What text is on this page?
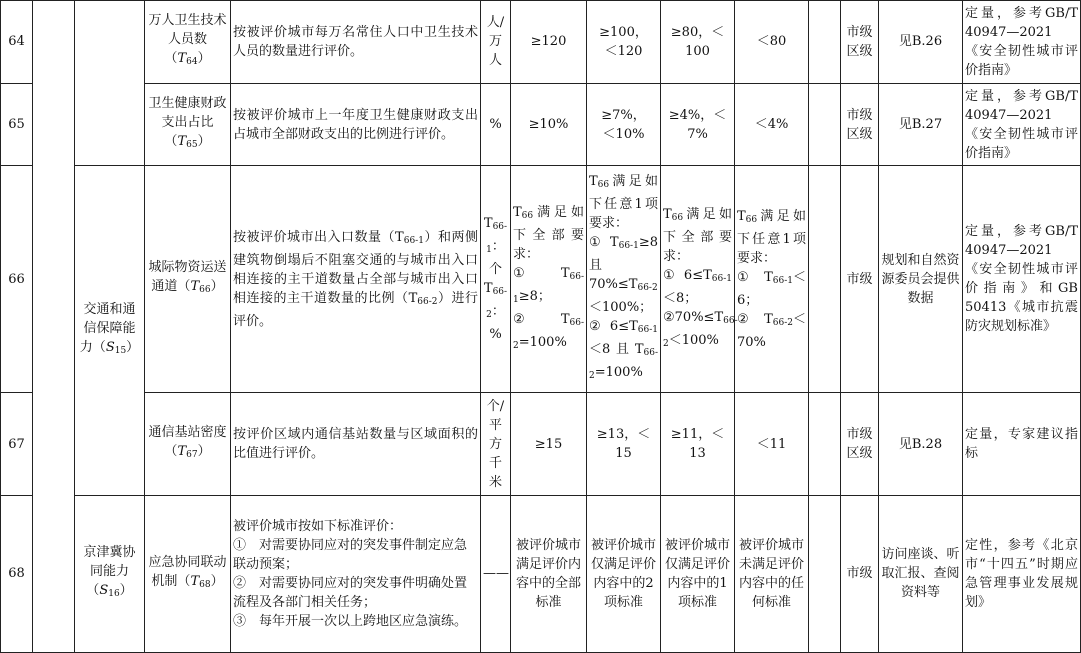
64			万人卫生技术
人员数$(T_{64})$	按被评价城市每万名常住人口中卫生技术人员的数量进行评价。	人/万人	≥120	≥100，
＜120	≥80，＜100	＜80		市级区级	见B.26	定量，参考GB/T 40947—2021《安全韧性城市评价指南》
65			卫生健康财政
支出占比
$(T_{65})$	按被评价城市上一年度卫生健康财政支出占城市全部财政支出的比例进行评价。	%	≥10%	≥7%，
＜10%	≥4%，＜7%	＜4%		市级区级	见B.27	定量，参考GB/T 40947—2021《安全韧性城市评价指南》
66		交通和通
信保障能
力$(S_{15})$	城际物资运送
通道$(T_{66})$	按被评价城市出入口数量$(T_{66-1})$和两侧建筑物倒塌后不阻塞交通的与城市出入口相连接的主干道数量占全部与城市出入口相连接的主干道数量的比例$(T_{66-2})$进行评价。	$T_{66-1}$：个
$T_{66-2}$：%	$T_{66}$满足如下全部要求：
$①T_{66-1}\ge 8$；
$②T_{66-2}=100\%$	$T_{66}$满足如下任意1项要求：
$①T_{66-1}\ge 8$且$70\%\le T_{66-2}<100\%$；
$②6\le T_{66-1}<8$且$T_{66-2}=100\%$	$T_{66}$满足如下全部要求：
$①6\le T_{66-1}<8$；
$②70\%\le T_{66-2}<100\%$	$T_{66}$满足如下任意1项要求：
$①T_{66-1}<6$；
$②T_{66-2}<70\%$		市级	规划和自然资源委员会提供数据	定量，参考GB/T 40947—2021《安全韧性城市评价指南》和GB 50413《城市抗震防灾规划标准》
67			通信基站密度
$(T_{67})$	按评价区域内通信基站数量与区域面积的比值进行评价。	个/平方千米	≥15	≥13，＜15	≥11，＜13	＜11		市级区级	见B.28	定量，专家建议指标
68		京津冀协
同能力
$(S_{16})$	应急协同联动
机制$(T_{68})$	被评价城市按如下标准评价：
①　对需要协同应对的突发事件制定应急联动预案；
②　对需要协同应对的突发事件明确处置流程及各部门相关任务；
③　每年开展一次以上跨地区应急演练。	——	被评价城市满足评价内容中的全部标准	被评价城市仅满足评价内容中的2项标准	被评价城市仅满足评价内容中的1项标准	被评价城市未满足评价内容中的任何标准		市级	访问座谈、听取汇报、查阅资料等	定性，参考《北京市“十四五”时期应急管理事业发展规划》
